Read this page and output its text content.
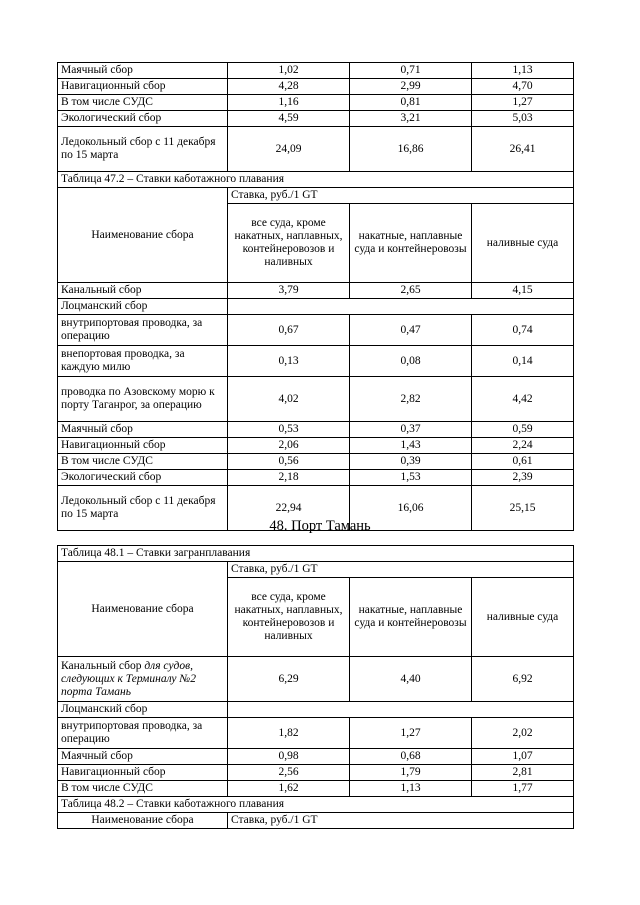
Маячный сбор	1,02	0,71	1,13
Навигационный сбор	4,28	2,99	4,70
В том числе СУДС	1,16	0,81	1,27
Экологический сбор	4,59	3,21	5,03
Ледокольный сбор с 11 декабря по 15 марта	24,09	16,86	26,41
Таблица 47.2 – Ставки каботажного плавания			
Наименование сбора	Ставка, руб./1 GT		
	все суда, кроме накатных, наплавных, контейнеровозов и наливных	накатные, наплавные суда и контейнеровозы	наливные суда
Канальный сбор	3,79	2,65	4,15
Лоцманский сбор			
внутрипортовая проводка, за операцию	0,67	0,47	0,74
внепортовая проводка, за каждую милю	0,13	0,08	0,14
проводка по Азовскому морю к порту Таганрог, за операцию	4,02	2,82	4,42
Маячный сбор	0,53	0,37	0,59
Навигационный сбор	2,06	1,43	2,24
В том числе СУДС	0,56	0,39	0,61
Экологический сбор	2,18	1,53	2,39
Ледокольный сбор с 11 декабря по 15 марта	22,94	16,06	25,15
48. Порт Тамань
Таблица 48.1 – Ставки загранплавания			
Наименование сбора	Ставка, руб./1 GT		
	все суда, кроме накатных, наплавных, контейнеровозов и наливных	накатные, наплавные суда и контейнеровозы	наливные суда
Канальный сбор для судов, следующих к Терминалу №2 порта Тамань	6,29	4,40	6,92
Лоцманский сбор			
внутрипортовая проводка, за операцию	1,82	1,27	2,02
Маячный сбор	0,98	0,68	1,07
Навигационный сбор	2,56	1,79	2,81
В том числе СУДС	1,62	1,13	1,77
Таблица 48.2 – Ставки каботажного плавания			
Наименование сбора	Ставка, руб./1 GT		
